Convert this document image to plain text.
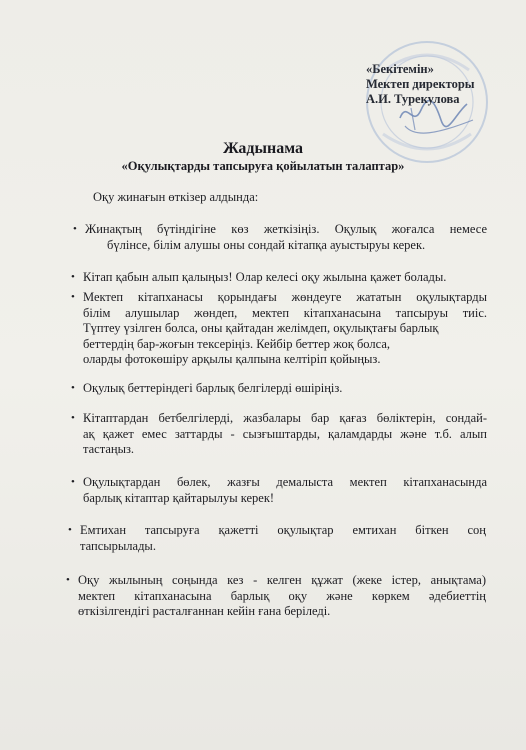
«Бекітемін»
Мектеп директоры
А.И. Турекулова
Жадынама
«Оқулықтарды тапсыруға қойылатын талаптар»
Оқу жинағын өткізер алдында:
• Жинақтың бүтіндігіне көз жеткізіңіз. Оқулық жоғалса немесе
бүлінсе, білім алушы оны сондай кітапқа ауыстыруы керек.
• Кітап қабын алып қалыңыз! Олар келесі оқу жылына қажет болады.
• Мектеп кітапханасы қорындағы жөндеуге жататын оқулықтарды
білім алушылар жөндеп, мектеп кітапханасына тапсыруы тиіс.
Түптеу үзілген болса, оны қайтадан желімдеп, оқулықтағы барлық
беттердің бар-жоғын тексеріңіз. Кейбір беттер жоқ болса,
оларды фотокөшіру арқылы қалпына келтіріп қойыңыз.
• Оқулық беттеріндегі барлық белгілерді өшіріңіз.
• Кітаптардан бетбелгілерді, жазбалары бар қағаз бөліктерін, сондай-
ақ қажет емес заттарды - сызғыштарды, қаламдарды және т.б. алып
тастаңыз.
• Оқулықтардан бөлек, жазғы демалыста мектеп кітапханасында
барлық кітаптар қайтарылуы керек!
• Емтихан тапсыруға қажетті оқулықтар емтихан біткен соң
тапсырылады.
• Оқу жылының соңында кез - келген құжат (жеке істер, анықтама)
мектеп кітапханасына барлық оқу және көркем әдебиеттің
өткізілгендігі расталғаннан кейін ғана беріледі.
